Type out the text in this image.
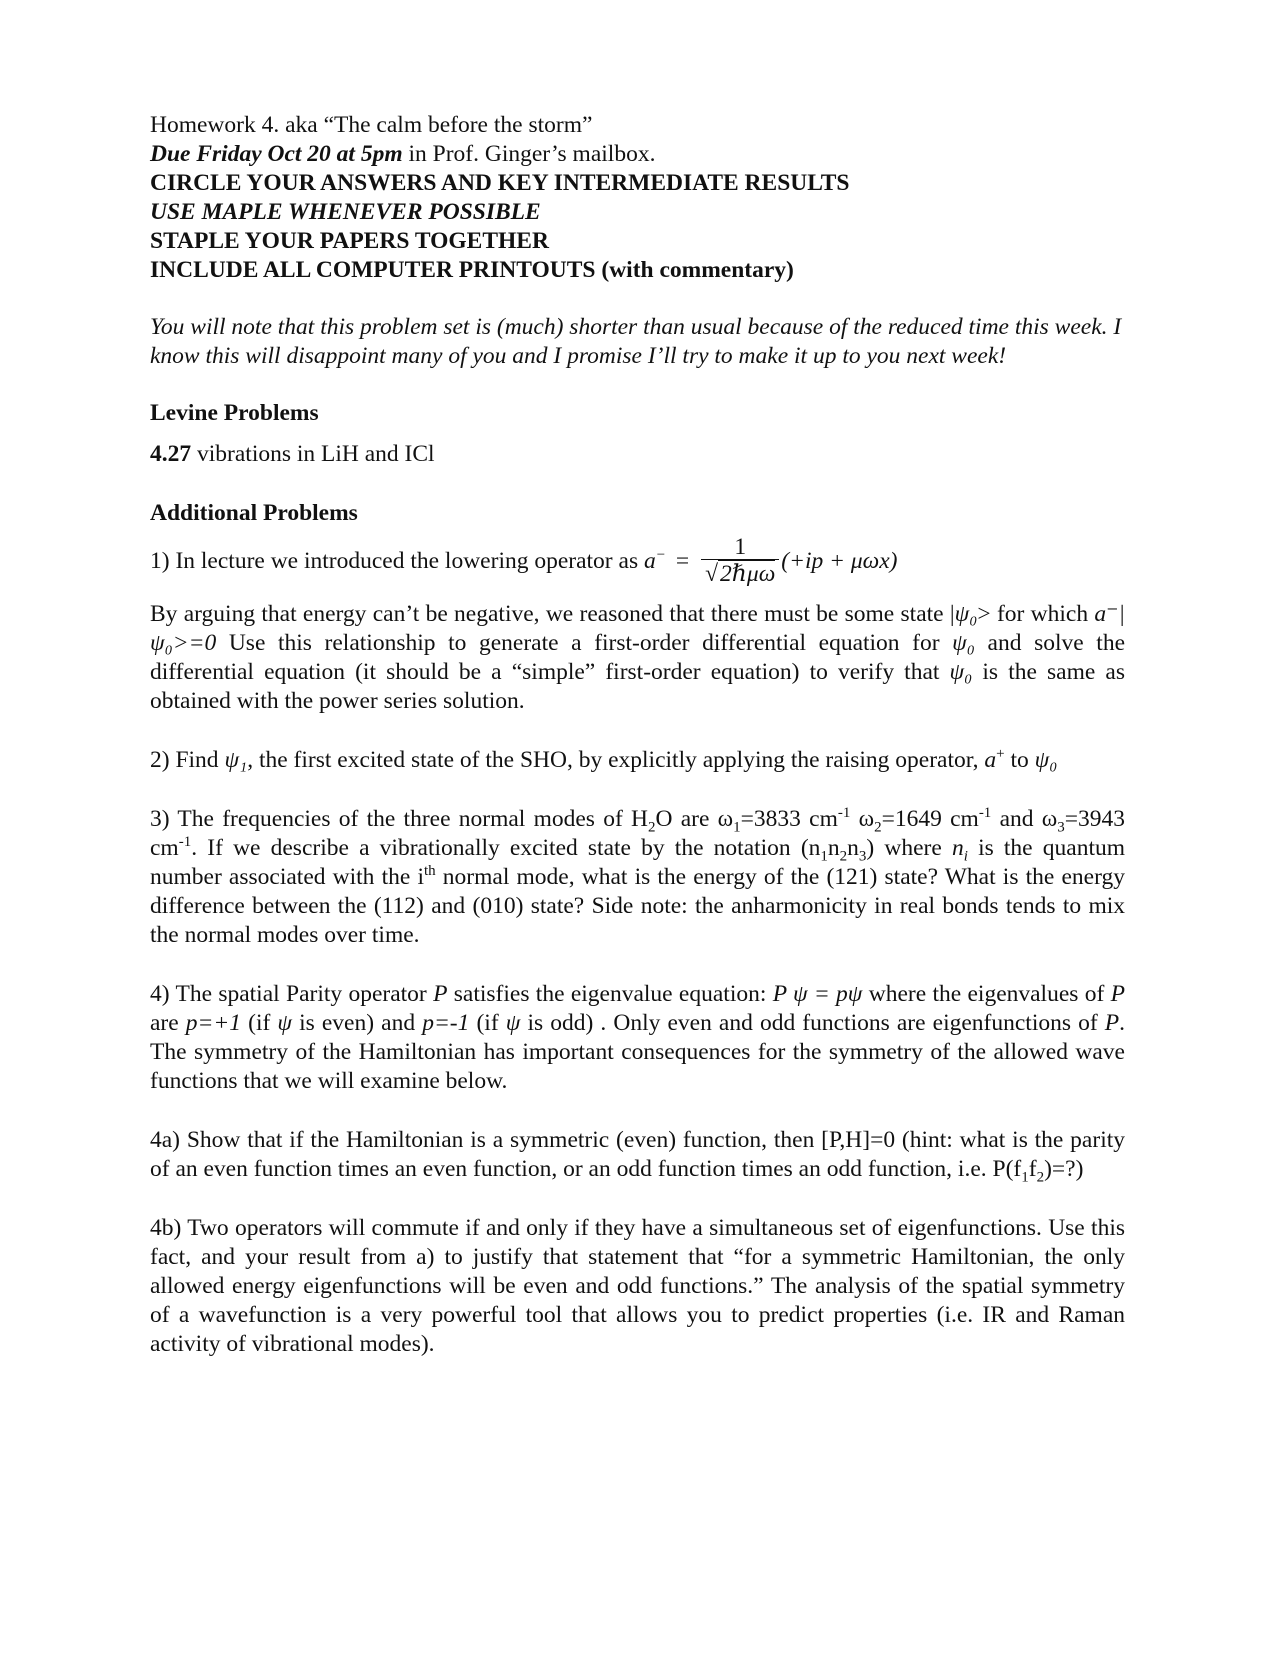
Homework 4. aka “The calm before the storm”

Due Friday Oct 20 at 5pm in Prof. Ginger’s mailbox.

CIRCLE YOUR ANSWERS AND KEY INTERMEDIATE RESULTS

USE MAPLE WHENEVER POSSIBLE

STAPLE YOUR PAPERS TOGETHER

INCLUDE ALL COMPUTER PRINTOUTS (with commentary)

You will note that this problem set is (much) shorter than usual because of the reduced time this week. I know this will disappoint many of you and I promise I’ll try to make it up to you next week!

Levine Problems

4.27 vibrations in LiH and ICl

Additional Problems

1) In lecture we introduced the lowering operator as
$a^- = \frac{1}{\text{√2ℏμω}} (+ip + \mu\omega x)$

By arguing that energy can’t be negative, we reasoned that there must be some state |ψ₀> for which a⁻|ψ₀>=0 Use this relationship to generate a first-order differential equation for ψ₀ and solve the differential equation (it should be a “simple” first-order equation) to verify that ψ₀ is the same as obtained with the power series solution.

2) Find ψ₁, the first excited state of the SHO, by explicitly applying the raising operator, a+ to ψ₀

3) The frequencies of the three normal modes of $H_2O$ are $\omega_1=3833$ $cm^{-1}$ $\omega_2=1649$ $cm^{-1}$ and $\omega_3=3943$ $cm^{-1}$. If we describe a vibrationally excited state by the notation $(n_1n_2n_3)$ where $n_i$ is the quantum number associated with the $i^{th}$ normal mode, what is the energy of the (121) state? What is the energy difference between the (112) and (010) state? Side note: the anharmonicity in real bonds tends to mix the normal modes over time.

4) The spatial Parity operator P satisfies the eigenvalue equation: P ψ = pψ where the eigenvalues of P are p=+1 (if ψ is even) and p=-1 (if ψ is odd) . Only even and odd functions are eigenfunctions of P. The symmetry of the Hamiltonian has important consequences for the symmetry of the allowed wave functions that we will examine below.

4a) Show that if the Hamiltonian is a symmetric (even) function, then [P,H]=0 (hint: what is the parity of an even function times an even function, or an odd function times an odd function, i.e. $P(f_1f_2)=$?)

4b) Two operators will commute if and only if they have a simultaneous set of eigenfunctions. Use this fact, and your result from a) to justify that statement that “for a symmetric Hamiltonian, the only allowed energy eigenfunctions will be even and odd functions.” The analysis of the spatial symmetry of a wavefunction is a very powerful tool that allows you to predict properties (i.e. IR and Raman activity of vibrational modes).
